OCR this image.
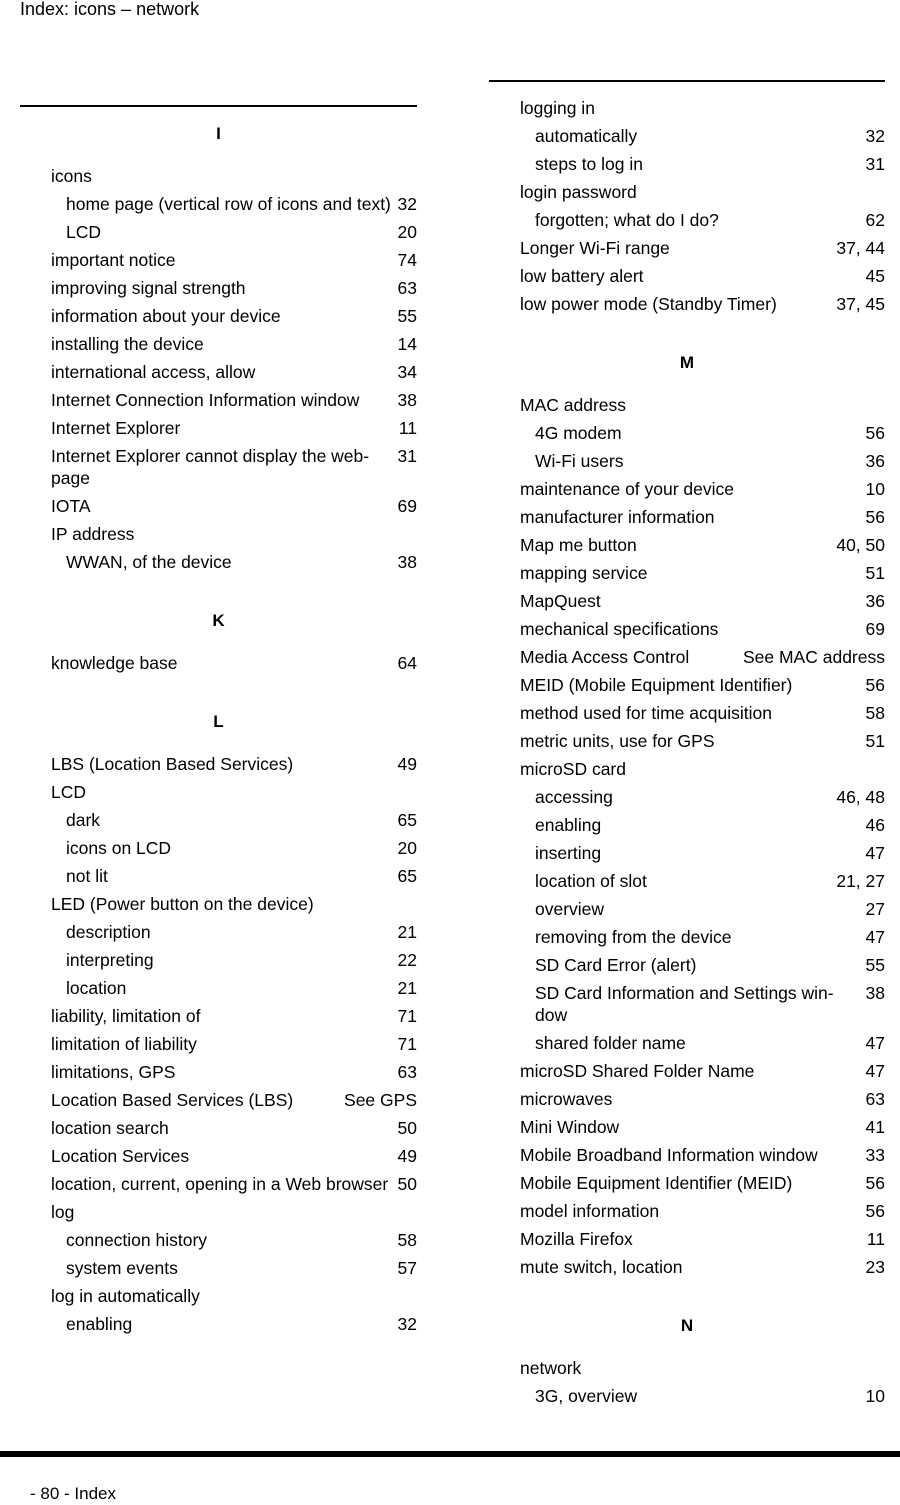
Index: icons – network
I
icons
home page (vertical row of icons and text) 32
LCD	20
important notice	74
improving signal strength	63
information about your device	55
installing the device	14
international access, allow	34
Internet Connection Information window	38
Internet Explorer	11
Internet Explorer cannot display the web-page
31
IOTA	69
IP address
WWAN, of the device	38
K
knowledge base	64
L
LBS (Location Based Services)	49
LCD
dark	65
icons on LCD	20
not lit	65
LED (Power button on the device)
description	21
interpreting	22
location	21
liability, limitation of	71
limitation of liability	71
limitations, GPS	63
Location Based Services (LBS)	See GPS
location search	50
Location Services	49
location, current, opening in a Web browser 50
log
connection history	58
system events	57
log in automatically
enabling	32
logging in
automatically	32
steps to log in	31
login password
forgotten; what do I do?	62
Longer Wi-Fi range	37, 44
low battery alert	45
low power mode (Standby Timer)	37, 45
M
MAC address
4G modem	56
Wi-Fi users	36
maintenance of your device	10
manufacturer information	56
Map me button	40, 50
mapping service	51
MapQuest	36
mechanical specifications	69
Media Access Control	See MAC address
MEID (Mobile Equipment Identifier)	56
method used for time acquisition	58
metric units, use for GPS	51
microSD card
accessing	46, 48
enabling	46
inserting	47
location of slot	21, 27
overview	27
removing from the device	47
SD Card Error (alert)	55
SD Card Information and Settings win-dow
38
shared folder name	47
microSD Shared Folder Name	47
microwaves	63
Mini Window	41
Mobile Broadband Information window	33
Mobile Equipment Identifier (MEID)	56
model information	56
Mozilla Firefox	11
mute switch, location	23
N
network
3G, overview	10
- 80 - Index
